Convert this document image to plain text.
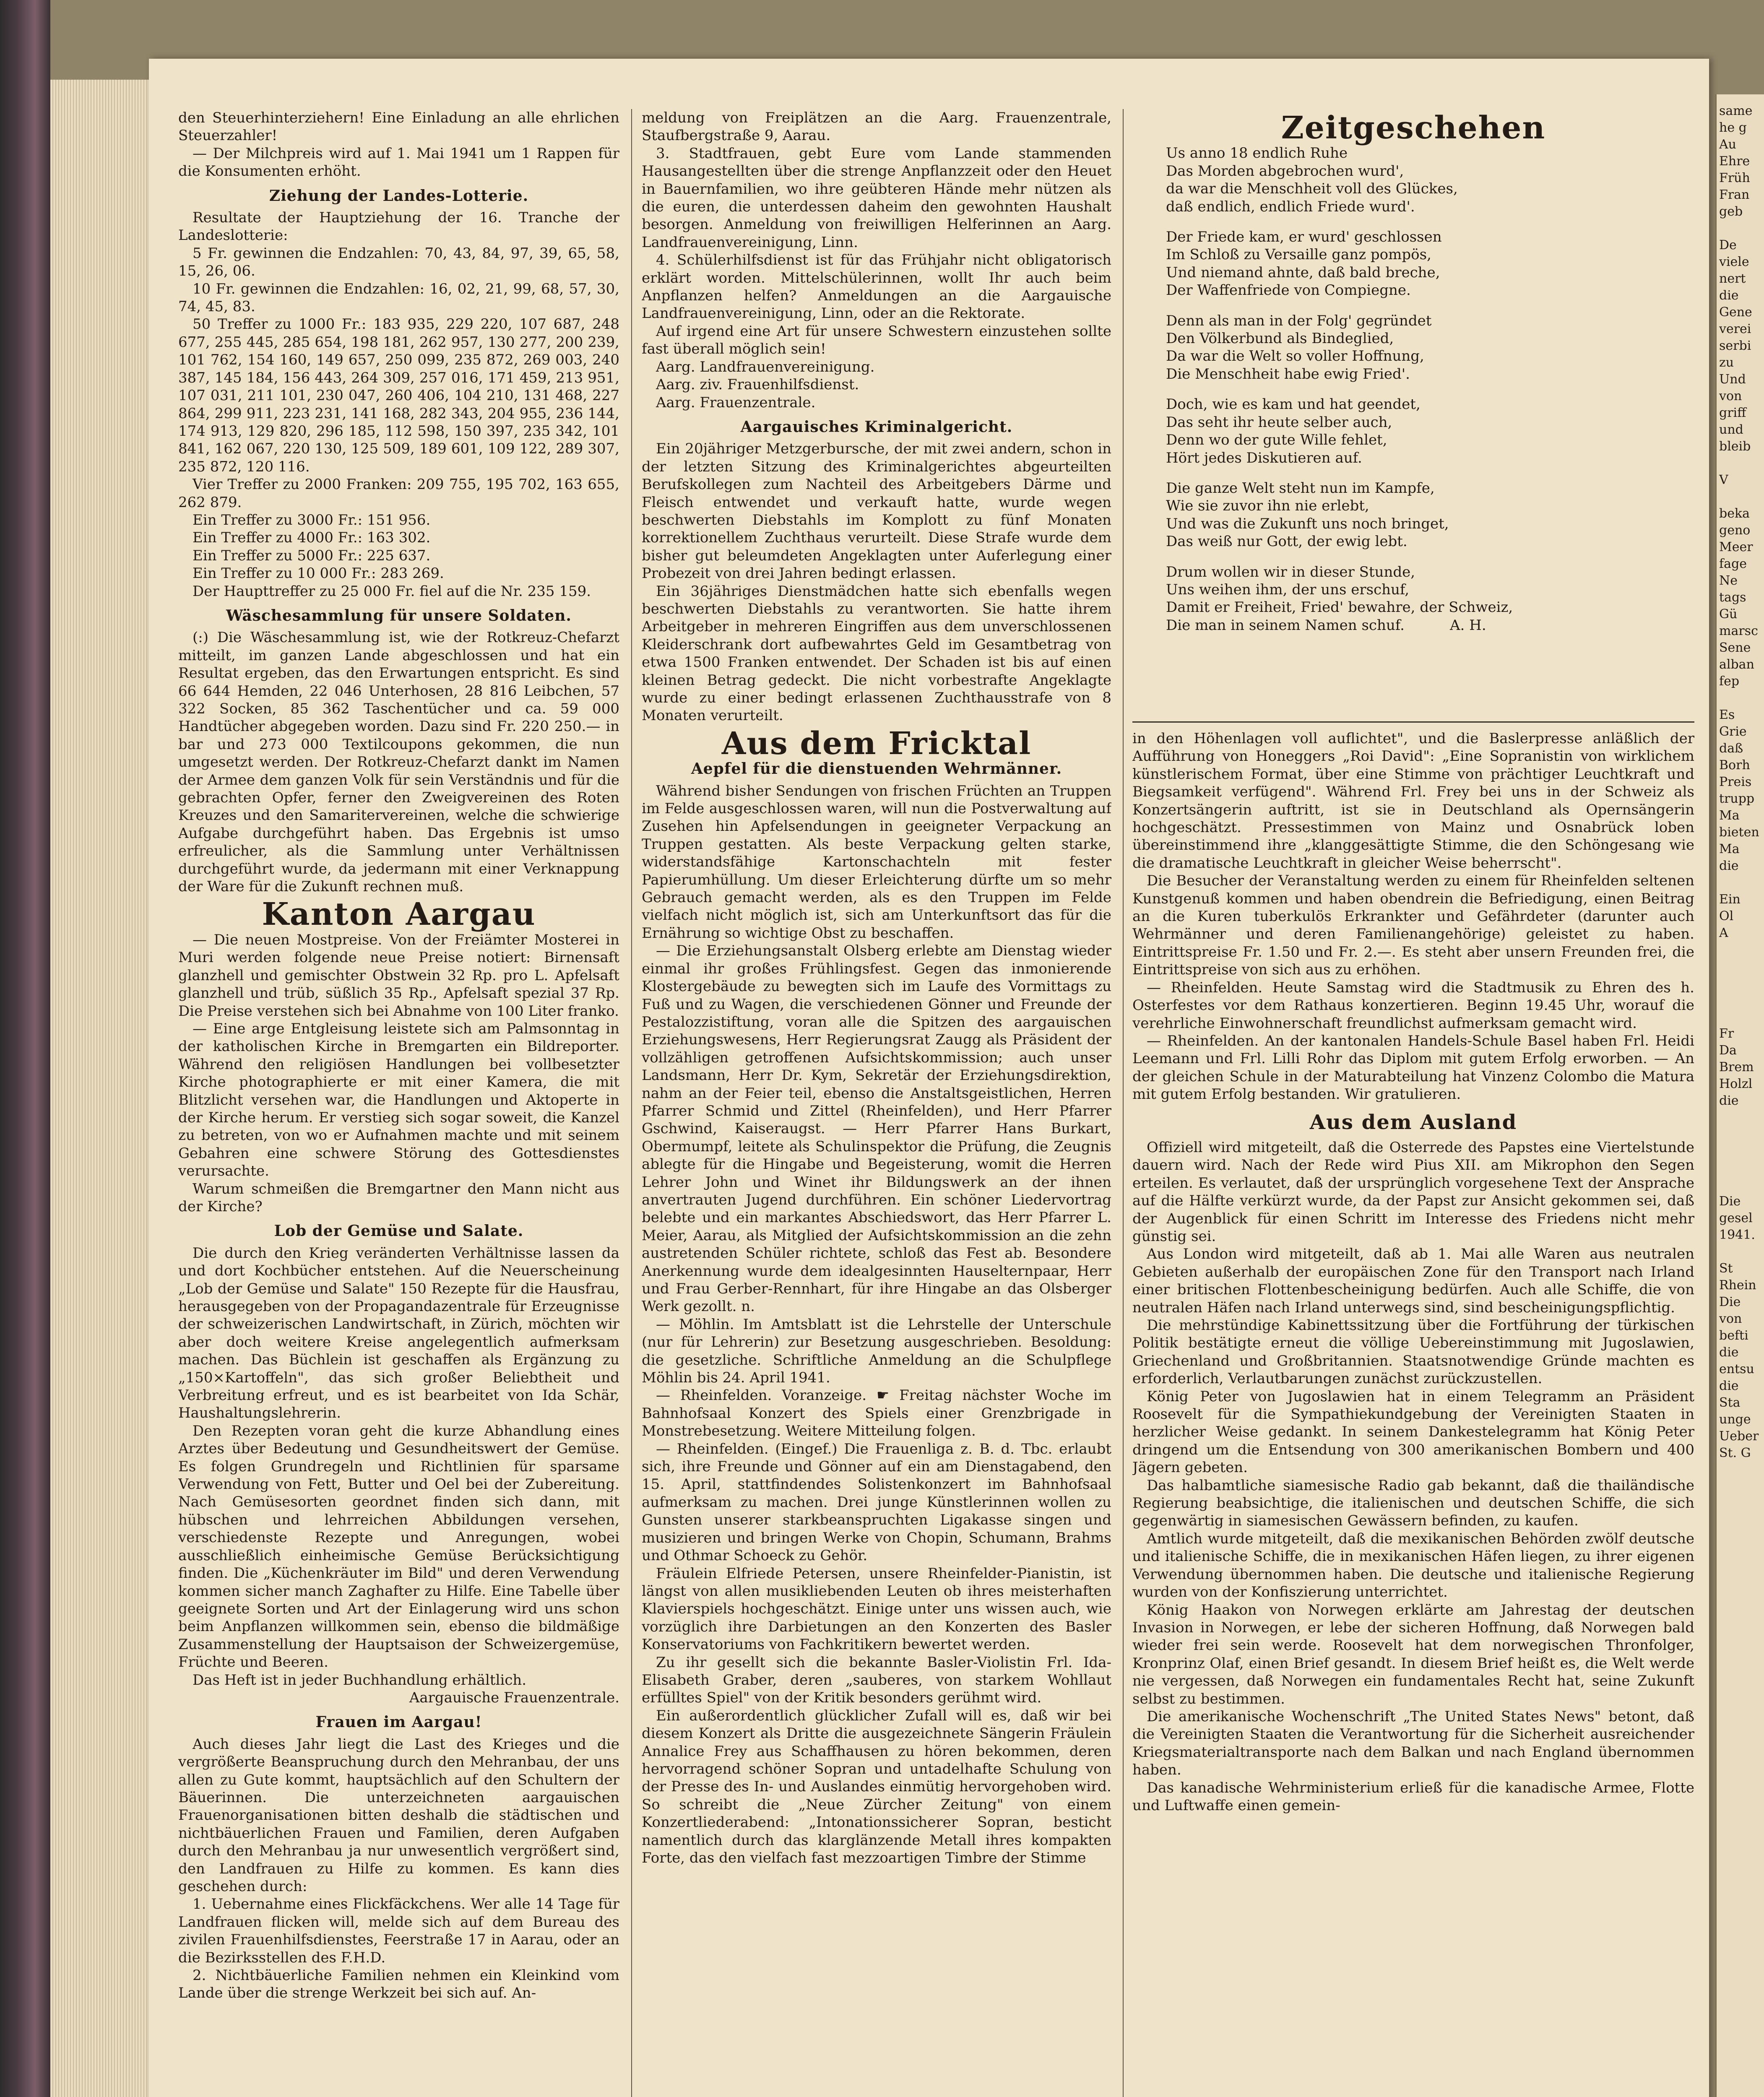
den Steuerhinterziehern! Eine Einladung an alle ehrlichen Steuerzahler!

— Der Milchpreis wird auf 1. Mai 1941 um 1 Rappen für die Konsumenten erhöht.

Ziehung der Landes-Lotterie.

Resultate der Hauptziehung der 16. Tranche der Landeslotterie:

5 Fr. gewinnen die Endzahlen: 70, 43, 84, 97, 39, 65, 58, 15, 26, 06.

10 Fr. gewinnen die Endzahlen: 16, 02, 21, 99, 68, 57, 30, 74, 45, 83.

50 Treffer zu 1000 Fr.: 183 935, 229 220, 107 687, 248 677, 255 445, 285 654, 198 181, 262 957, 130 277, 200 239, 101 762, 154 160, 149 657, 250 099, 235 872, 269 003, 240 387, 145 184, 156 443, 264 309, 257 016, 171 459, 213 951, 107 031, 211 101, 230 047, 260 406, 104 210, 131 468, 227 864, 299 911, 223 231, 141 168, 282 343, 204 955, 236 144, 174 913, 129 820, 296 185, 112 598, 150 397, 235 342, 101 841, 162 067, 220 130, 125 509, 189 601, 109 122, 289 307, 235 872, 120 116.

Vier Treffer zu 2000 Franken: 209 755, 195 702, 163 655, 262 879.

Ein Treffer zu 3000 Fr.: 151 956.

Ein Treffer zu 4000 Fr.: 163 302.

Ein Treffer zu 5000 Fr.: 225 637.

Ein Treffer zu 10 000 Fr.: 283 269.

Der Haupttreffer zu 25 000 Fr. fiel auf die Nr. 235 159.

Wäschesammlung für unsere Soldaten.

(:) Die Wäschesammlung ist, wie der Rotkreuz-Chefarzt mitteilt, im ganzen Lande abgeschlossen und hat ein Resultat ergeben, das den Erwartungen entspricht. Es sind 66 644 Hemden, 22 046 Unterhosen, 28 816 Leibchen, 57 322 Socken, 85 362 Taschentücher und ca. 59 000 Handtücher abgegeben worden. Dazu sind Fr. 220 250.— in bar und 273 000 Textilcoupons gekommen, die nun umgesetzt werden. Der Rotkreuz-Chefarzt dankt im Namen der Armee dem ganzen Volk für sein Verständnis und für die gebrachten Opfer, ferner den Zweigvereinen des Roten Kreuzes und den Samaritervereinen, welche die schwierige Aufgabe durchgeführt haben. Das Ergebnis ist umso erfreulicher, als die Sammlung unter Verhältnissen durchgeführt wurde, da jedermann mit einer Verknappung der Ware für die Zukunft rechnen muß.

Kanton Aargau

— Die neuen Mostpreise. Von der Freiämter Mosterei in Muri werden folgende neue Preise notiert: Birnensaft glanzhell und gemischter Obstwein 32 Rp. pro L. Apfelsaft glanzhell und trüb, süßlich 35 Rp., Apfelsaft spezial 37 Rp. Die Preise verstehen sich bei Abnahme von 100 Liter franko.

— Eine arge Entgleisung leistete sich am Palmsonntag in der katholischen Kirche in Bremgarten ein Bildreporter. Während den religiösen Handlungen bei vollbesetzter Kirche photographierte er mit einer Kamera, die mit Blitzlicht versehen war, die Handlungen und Aktoperte in der Kirche herum. Er verstieg sich sogar soweit, die Kanzel zu betreten, von wo er Aufnahmen machte und mit seinem Gebahren eine schwere Störung des Gottesdienstes verursachte.

Warum schmeißen die Bremgartner den Mann nicht aus der Kirche?

Lob der Gemüse und Salate.

Die durch den Krieg veränderten Verhältnisse lassen da und dort Kochbücher entstehen. Auf die Neuerscheinung „Lob der Gemüse und Salate" 150 Rezepte für die Hausfrau, herausgegeben von der Propagandazentrale für Erzeugnisse der schweizerischen Landwirtschaft, in Zürich, möchten wir aber doch weitere Kreise angelegentlich aufmerksam machen. Das Büchlein ist geschaffen als Ergänzung zu „150×Kartoffeln", das sich großer Beliebtheit und Verbreitung erfreut, und es ist bearbeitet von Ida Schär, Haushaltungslehrerin.

Den Rezepten voran geht die kurze Abhandlung eines Arztes über Bedeutung und Gesundheitswert der Gemüse. Es folgen Grundregeln und Richtlinien für sparsame Verwendung von Fett, Butter und Oel bei der Zubereitung. Nach Gemüsesorten geordnet finden sich dann, mit hübschen und lehrreichen Abbildungen versehen, verschiedenste Rezepte und Anregungen, wobei ausschließlich einheimische Gemüse Berücksichtigung finden. Die „Küchenkräuter im Bild" und deren Verwendung kommen sicher manch Zaghafter zu Hilfe. Eine Tabelle über geeignete Sorten und Art der Einlagerung wird uns schon beim Anpflanzen willkommen sein, ebenso die bildmäßige Zusammenstellung der Hauptsaison der Schweizergemüse, Früchte und Beeren.

Das Heft ist in jeder Buchhandlung erhältlich.

Aargauische Frauenzentrale.

Frauen im Aargau!

Auch dieses Jahr liegt die Last des Krieges und die vergrößerte Beanspruchung durch den Mehranbau, der uns allen zu Gute kommt, hauptsächlich auf den Schultern der Bäuerinnen. Die unterzeichneten aargauischen Frauenorganisationen bitten deshalb die städtischen und nichtbäuerlichen Frauen und Familien, deren Aufgaben durch den Mehranbau ja nur unwesentlich vergrößert sind, den Landfrauen zu Hilfe zu kommen. Es kann dies geschehen durch:

1. Uebernahme eines Flickfäckchens. Wer alle 14 Tage für Landfrauen flicken will, melde sich auf dem Bureau des zivilen Frauenhilfsdienstes, Feerstraße 17 in Aarau, oder an die Bezirksstellen des F.H.D.

2. Nichtbäuerliche Familien nehmen ein Kleinkind vom Lande über die strenge Werkzeit bei sich auf. An-

meldung von Freiplätzen an die Aarg. Frauenzentrale, Staufbergstraße 9, Aarau.

3. Stadtfrauen, gebt Eure vom Lande stammenden Hausangestellten über die strenge Anpflanzzeit oder den Heuet in Bauernfamilien, wo ihre geübteren Hände mehr nützen als die euren, die unterdessen daheim den gewohnten Haushalt besorgen. Anmeldung von freiwilligen Helferinnen an Aarg. Landfrauenvereinigung, Linn.

4. Schülerhilfsdienst ist für das Frühjahr nicht obligatorisch erklärt worden. Mittelschülerinnen, wollt Ihr auch beim Anpflanzen helfen? Anmeldungen an die Aargauische Landfrauenvereinigung, Linn, oder an die Rektorate.

Auf irgend eine Art für unsere Schwestern einzustehen sollte fast überall möglich sein!

Aarg. Landfrauenvereinigung.

Aarg. ziv. Frauenhilfsdienst.

Aarg. Frauenzentrale.

Aargauisches Kriminalgericht.

Ein 20jähriger Metzgerbursche, der mit zwei andern, schon in der letzten Sitzung des Kriminalgerichtes abgeurteilten Berufskollegen zum Nachteil des Arbeitgebers Därme und Fleisch entwendet und verkauft hatte, wurde wegen beschwerten Diebstahls im Komplott zu fünf Monaten korrektionellem Zuchthaus verurteilt. Diese Strafe wurde dem bisher gut beleumdeten Angeklagten unter Auferlegung einer Probezeit von drei Jahren bedingt erlassen.

Ein 36jähriges Dienstmädchen hatte sich ebenfalls wegen beschwerten Diebstahls zu verantworten. Sie hatte ihrem Arbeitgeber in mehreren Eingriffen aus dem unverschlossenen Kleiderschrank dort aufbewahrtes Geld im Gesamtbetrag von etwa 1500 Franken entwendet. Der Schaden ist bis auf einen kleinen Betrag gedeckt. Die nicht vorbestrafte Angeklagte wurde zu einer bedingt erlassenen Zuchthausstrafe von 8 Monaten verurteilt.

Aus dem Fricktal
Aepfel für die dienstuenden Wehrmänner.

Während bisher Sendungen von frischen Früchten an Truppen im Felde ausgeschlossen waren, will nun die Postverwaltung auf Zusehen hin Apfelsendungen in geeigneter Verpackung an Truppen gestatten. Als beste Verpackung gelten starke, widerstandsfähige Kartonschachteln mit fester Papierumhüllung. Um dieser Erleichterung dürfte um so mehr Gebrauch gemacht werden, als es den Truppen im Felde vielfach nicht möglich ist, sich am Unterkunftsort das für die Ernährung so wichtige Obst zu beschaffen.

— Die Erziehungsanstalt Olsberg erlebte am Dienstag wieder einmal ihr großes Frühlingsfest. Gegen das inmonierende Klostergebäude zu bewegten sich im Laufe des Vormittags zu Fuß und zu Wagen, die verschiedenen Gönner und Freunde der Pestalozzistiftung, voran alle die Spitzen des aargauischen Erziehungswesens, Herr Regierungsrat Zaugg als Präsident der vollzähligen getroffenen Aufsichtskommission; auch unser Landsmann, Herr Dr. Kym, Sekretär der Erziehungsdirektion, nahm an der Feier teil, ebenso die Anstaltsgeistlichen, Herren Pfarrer Schmid und Zittel (Rheinfelden), und Herr Pfarrer Gschwind, Kaiseraugst. — Herr Pfarrer Hans Burkart, Obermumpf, leitete als Schulinspektor die Prüfung, die Zeugnis ablegte für die Hingabe und Begeisterung, womit die Herren Lehrer John und Winet ihr Bildungswerk an der ihnen anvertrauten Jugend durchführen. Ein schöner Liedervortrag belebte und ein markantes Abschiedswort, das Herr Pfarrer L. Meier, Aarau, als Mitglied der Aufsichtskommission an die zehn austretenden Schüler richtete, schloß das Fest ab. Besondere Anerkennung wurde dem idealgesinnten Hauselternpaar, Herr und Frau Gerber-Rennhart, für ihre Hingabe an das Olsberger Werk gezollt. n.

— Möhlin. Im Amtsblatt ist die Lehrstelle der Unterschule (nur für Lehrerin) zur Besetzung ausgeschrieben. Besoldung: die gesetzliche. Schriftliche Anmeldung an die Schulpflege Möhlin bis 24. April 1941.

— Rheinfelden. Voranzeige. ☛ Freitag nächster Woche im Bahnhofsaal Konzert des Spiels einer Grenzbrigade in Monstrebesetzung. Weitere Mitteilung folgen.

— Rheinfelden. (Eingef.) Die Frauenliga z. B. d. Tbc. erlaubt sich, ihre Freunde und Gönner auf ein am Dienstagabend, den 15. April, stattfindendes Solistenkonzert im Bahnhofsaal aufmerksam zu machen. Drei junge Künstlerinnen wollen zu Gunsten unserer starkbeanspruchten Ligakasse singen und musizieren und bringen Werke von Chopin, Schumann, Brahms und Othmar Schoeck zu Gehör.

Fräulein Elfriede Petersen, unsere Rheinfelder-Pianistin, ist längst von allen musikliebenden Leuten ob ihres meisterhaften Klavierspiels hochgeschätzt. Einige unter uns wissen auch, wie vorzüglich ihre Darbietungen an den Konzerten des Basler Konservatoriums von Fachkritikern bewertet werden.

Zu ihr gesellt sich die bekannte Basler-Violistin Frl. Ida-Elisabeth Graber, deren „sauberes, von starkem Wohllaut erfülltes Spiel" von der Kritik besonders gerühmt wird.

Ein außerordentlich glücklicher Zufall will es, daß wir bei diesem Konzert als Dritte die ausgezeichnete Sängerin Fräulein Annalice Frey aus Schaffhausen zu hören bekommen, deren hervorragend schöner Sopran und untadelhafte Schulung von der Presse des In- und Auslandes einmütig hervorgehoben wird. So schreibt die „Neue Zürcher Zeitung" von einem Konzertliederabend: „Intonationssicherer Sopran, besticht namentlich durch das klarglänzende Metall ihres kompakten Forte, das den vielfach fast mezzoartigen Timbre der Stimme

Zeitgeschehen

Us anno 18 endlich Ruhe
Das Morden abgebrochen wurd',
da war die Menschheit voll des Glückes,
daß endlich, endlich Friede wurd'.

Der Friede kam, er wurd' geschlossen
Im Schloß zu Versaille ganz pompös,
Und niemand ahnte, daß bald breche,
Der Waffenfriede von Compiegne.

Denn als man in der Folg' gegründet
Den Völkerbund als Bindeglied,
Da war die Welt so voller Hoffnung,
Die Menschheit habe ewig Fried'.

Doch, wie es kam und hat geendet,
Das seht ihr heute selber auch,
Denn wo der gute Wille fehlet,
Hört jedes Diskutieren auf.

Die ganze Welt steht nun im Kampfe,
Wie sie zuvor ihn nie erlebt,
Und was die Zukunft uns noch bringet,
Das weiß nur Gott, der ewig lebt.

Drum wollen wir in dieser Stunde,
Uns weihen ihm, der uns erschuf,
Damit er Freiheit, Fried' bewahre, der Schweiz,
Die man in seinem Namen schuf.          A. H.

in den Höhenlagen voll auflichtet", und die Baslerpresse anläßlich der Aufführung von Honeggers „Roi David": „Eine Sopranistin von wirklichem künstlerischem Format, über eine Stimme von prächtiger Leuchtkraft und Biegsamkeit verfügend". Während Frl. Frey bei uns in der Schweiz als Konzertsängerin auftritt, ist sie in Deutschland als Opernsängerin hochgeschätzt. Pressestimmen von Mainz und Osnabrück loben übereinstimmend ihre „klanggesättigte Stimme, die den Schöngesang wie die dramatische Leuchtkraft in gleicher Weise beherrscht".

Die Besucher der Veranstaltung werden zu einem für Rheinfelden seltenen Kunstgenuß kommen und haben obendrein die Befriedigung, einen Beitrag an die Kuren tuberkulös Erkrankter und Gefährdeter (darunter auch Wehrmänner und deren Familienangehörige) geleistet zu haben. Eintrittspreise Fr. 1.50 und Fr. 2.—. Es steht aber unsern Freunden frei, die Eintrittspreise von sich aus zu erhöhen.

— Rheinfelden. Heute Samstag wird die Stadtmusik zu Ehren des h. Osterfestes vor dem Rathaus konzertieren. Beginn 19.45 Uhr, worauf die verehrliche Einwohnerschaft freundlichst aufmerksam gemacht wird.

— Rheinfelden. An der kantonalen Handels-Schule Basel haben Frl. Heidi Leemann und Frl. Lilli Rohr das Diplom mit gutem Erfolg erworben. — An der gleichen Schule in der Maturabteilung hat Vinzenz Colombo die Matura mit gutem Erfolg bestanden. Wir gratulieren.

Aus dem Ausland

Offiziell wird mitgeteilt, daß die Osterrede des Papstes eine Viertelstunde dauern wird. Nach der Rede wird Pius XII. am Mikrophon den Segen erteilen. Es verlautet, daß der ursprünglich vorgesehene Text der Ansprache auf die Hälfte verkürzt wurde, da der Papst zur Ansicht gekommen sei, daß der Augenblick für einen Schritt im Interesse des Friedens nicht mehr günstig sei.

Aus London wird mitgeteilt, daß ab 1. Mai alle Waren aus neutralen Gebieten außerhalb der europäischen Zone für den Transport nach Irland einer britischen Flottenbescheinigung bedürfen. Auch alle Schiffe, die von neutralen Häfen nach Irland unterwegs sind, sind bescheinigungspflichtig.

Die mehrstündige Kabinettssitzung über die Fortführung der türkischen Politik bestätigte erneut die völlige Uebereinstimmung mit Jugoslawien, Griechenland und Großbritannien. Staatsnotwendige Gründe machten es erforderlich, Verlautbarungen zunächst zurückzustellen.

König Peter von Jugoslawien hat in einem Telegramm an Präsident Roosevelt für die Sympathiekundgebung der Vereinigten Staaten in herzlicher Weise gedankt. In seinem Dankestelegramm hat König Peter dringend um die Entsendung von 300 amerikanischen Bombern und 400 Jägern gebeten.

Das halbamtliche siamesische Radio gab bekannt, daß die thailändische Regierung beabsichtige, die italienischen und deutschen Schiffe, die sich gegenwärtig in siamesischen Gewässern befinden, zu kaufen.

Amtlich wurde mitgeteilt, daß die mexikanischen Behörden zwölf deutsche und italienische Schiffe, die in mexikanischen Häfen liegen, zu ihrer eigenen Verwendung übernommen haben. Die deutsche und italienische Regierung wurden von der Konfiszierung unterrichtet.

König Haakon von Norwegen erklärte am Jahrestag der deutschen Invasion in Norwegen, er lebe der sicheren Hoffnung, daß Norwegen bald wieder frei sein werde. Roosevelt hat dem norwegischen Thronfolger, Kronprinz Olaf, einen Brief gesandt. In diesem Brief heißt es, die Welt werde nie vergessen, daß Norwegen ein fundamentales Recht hat, seine Zukunft selbst zu bestimmen.

Die amerikanische Wochenschrift „The United States News" betont, daß die Vereinigten Staaten die Verantwortung für die Sicherheit ausreichender Kriegsmaterialtransporte nach dem Balkan und nach England übernommen haben.

Das kanadische Wehrministerium erließ für die kanadische Armee, Flotte und Luftwaffe einen gemein-

same
he g
Au
Ehre
Früh
Fran
geb

De
viele
nert
die
Gene
verei
serbi
zu
Und
von
griff
und
bleib

V

beka
geno
Meer
fage
Ne
tags
Gü
marsc
Sene
alban
fep

Es
Grie
daß
Borh
Preis
trupp
Ma
bieten
Ma
die

Ein
Ol
A

Fr
Da
Brem
Holzl
die

Die
gesel
1941.

St
Rhein
Die
von
befti
die
entsu
die
Sta
unge
Ueber
St. G
